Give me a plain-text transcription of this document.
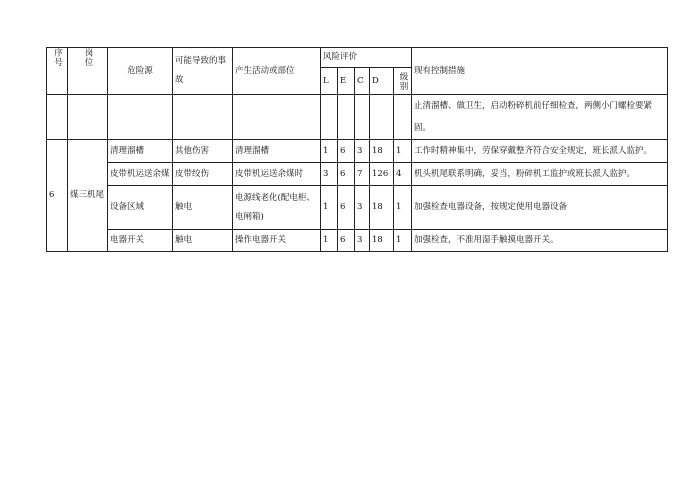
序号	岗位	危险源	可能导致的事故	产生活动或部位	风险评价					现有控制措施
					L	E	C	D	级别	

										止清溜槽、做卫生，启动粉碎机前仔细检查，两侧小门螺栓要紧固。
6	煤三机尾	清理溜槽	其他伤害	清理溜槽	1	6	3	18	1	工作时精神集中，劳保穿戴整齐符合安全规定，班长派人监护。
		皮带机运送余煤	皮带绞伤	皮带机运送余煤时	3	6	7	126	4	机头机尾联系明确，妥当，粉碎机工监护或班长派人监护。
		设备区域	触电	电源线老化(配电柜、电闸箱)	1	6	3	18	1	加强检查电器设备，按规定使用电器设备
		电器开关	触电	操作电器开关	1	6	3	18	1	加强检查，不准用湿手触摸电器开关。
